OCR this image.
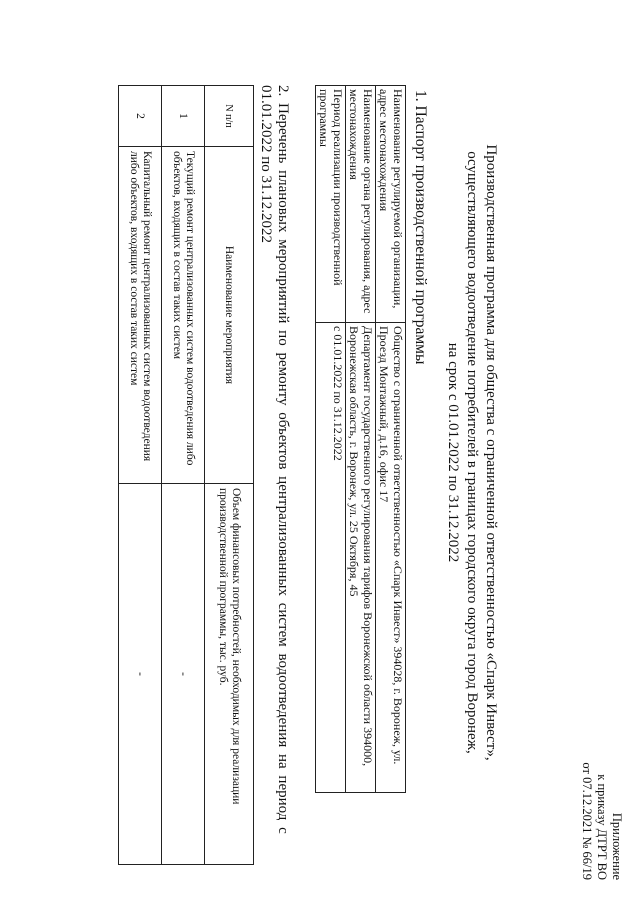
Приложение
к приказу ДТРТ ВО
от 07.12.2021 № 66/19
Производственная программа для общества с ограниченной ответственностью «Спарк Инвест»,
осуществляющего водоотведение потребителей в границах городского округа город Воронеж,
на срок с 01.01.2022 по 31.12.2022
1. Паспорт производственной программы
Наименование регулируемой организации, адрес местонахождения	Общество с ограниченной ответственностью «Спарк Инвест» 394028, г. Воронеж, ул. Проезд Монтажный, д.16, офис 17
Наименование органа регулирования, адрес местонахождения	Департамент государственного регулирования тарифов Воронежской области 394000, Воронежская область, г. Воронеж, ул. 25 Октября, 45
Период реализации производственной программы	с 01.01.2022 по 31.12.2022
2. Перечень плановых мероприятий по ремонту объектов централизованных систем водоотведения на период с
01.01.2022 по 31.12.2022
N п/п	Наименование мероприятия	Объем финансовых потребностей, необходимых для реализации производственной программы, тыс. руб.
1	Текущий ремонт централизованных систем водоотведения либо объектов, входящих в состав таких систем	-
2	Капитальный ремонт централизованных систем водоотведения либо объектов, входящих в состав таких систем	-
